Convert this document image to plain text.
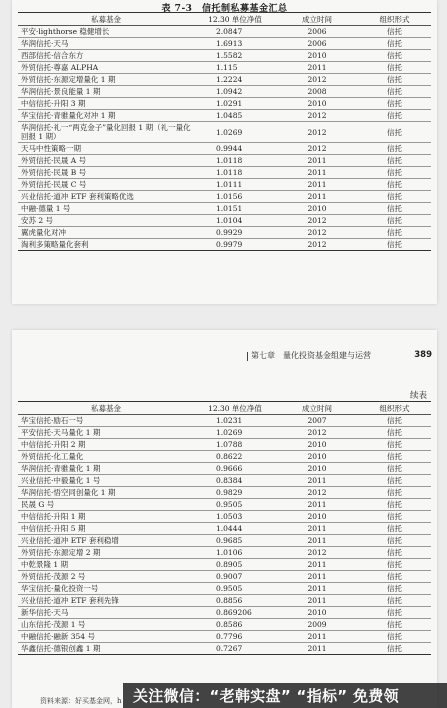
表 7-3　信托制私募基金汇总
私募基金	12.30 单位净值	成立时间	组织形式
平安·lighthorse 稳健增长	2.0847	2006	信托
华润信托·天马	1.6913	2006	信托
西部信托·信合东方	1.5582	2010	信托
外贸信托·尊嘉 ALPHA	1.115	2011	信托
外贸信托·东源定增量化 1 期	1.2224	2012	信托
华润信托·景良能量 1 期	1.0942	2008	信托
中信信托·升阳 3 期	1.0291	2010	信托
华宝信托·青骓量化对冲 1 期	1.0485	2012	信托
华润信托·礼一“两克金子”量化回报 1 期（礼一量化回报 1 期）	1.0269	2012	信托
天马中性策略一期	0.9944	2012	信托
外贸信托·民晟 A 号	1.0118	2011	信托
外贸信托·民晟 B 号	1.0118	2011	信托
外贸信托·民晟 C 号	1.0111	2011	信托
兴业信托·道冲 ETF 套利策略优选	1.0156	2011	信托
中融·德量 1 号	1.0151	2010	信托
安苏 2 号	1.0104	2012	信托
翼虎量化对冲	0.9929	2012	信托
淘利多策略量化套利	0.9979	2012	信托
第七章　量化投资基金组建与运营	389
续表
私募基金	12.30 单位净值	成立时间	组织形式
华宝信托·励石一号	1.0231	2007	信托
平安信托·天马量化 1 期	1.0269	2012	信托
中信信托·升阳 2 期	1.0788	2010	信托
外贸信托·化工量化	0.8622	2010	信托
华润信托·青骓量化 1 期	0.9666	2010	信托
兴业信托·中毅量化 1 号	0.8384	2011	信托
华润信托·悟空同创量化 1 期	0.9829	2012	信托
民晟 G 号	0.9505	2011	信托
中信信托·升阳 1 期	1.0503	2010	信托
中信信托·升阳 5 期	1.0444	2011	信托
兴业信托·道冲 ETF 套利稳增	0.9685	2011	信托
外贸信托·东源定增 2 期	1.0106	2012	信托
中乾景隆 1 期	0.8905	2011	信托
外贸信托·茂源 2 号	0.9007	2011	信托
华宝信托·量化投资一号	0.9505	2011	信托
兴业信托·道冲 ETF 套利先锋	0.8856	2011	信托
新华信托·天马	0.869206	2010	信托
山东信托·茂源 1 号	0.8586	2009	信托
中融信托·融新 354 号	0.7796	2011	信托
华鑫信托·德银创鑫 1 期	0.7267	2011	信托
资料来源：好买基金网，h 关注微信：“老韩实盘” “指标” 免费领
